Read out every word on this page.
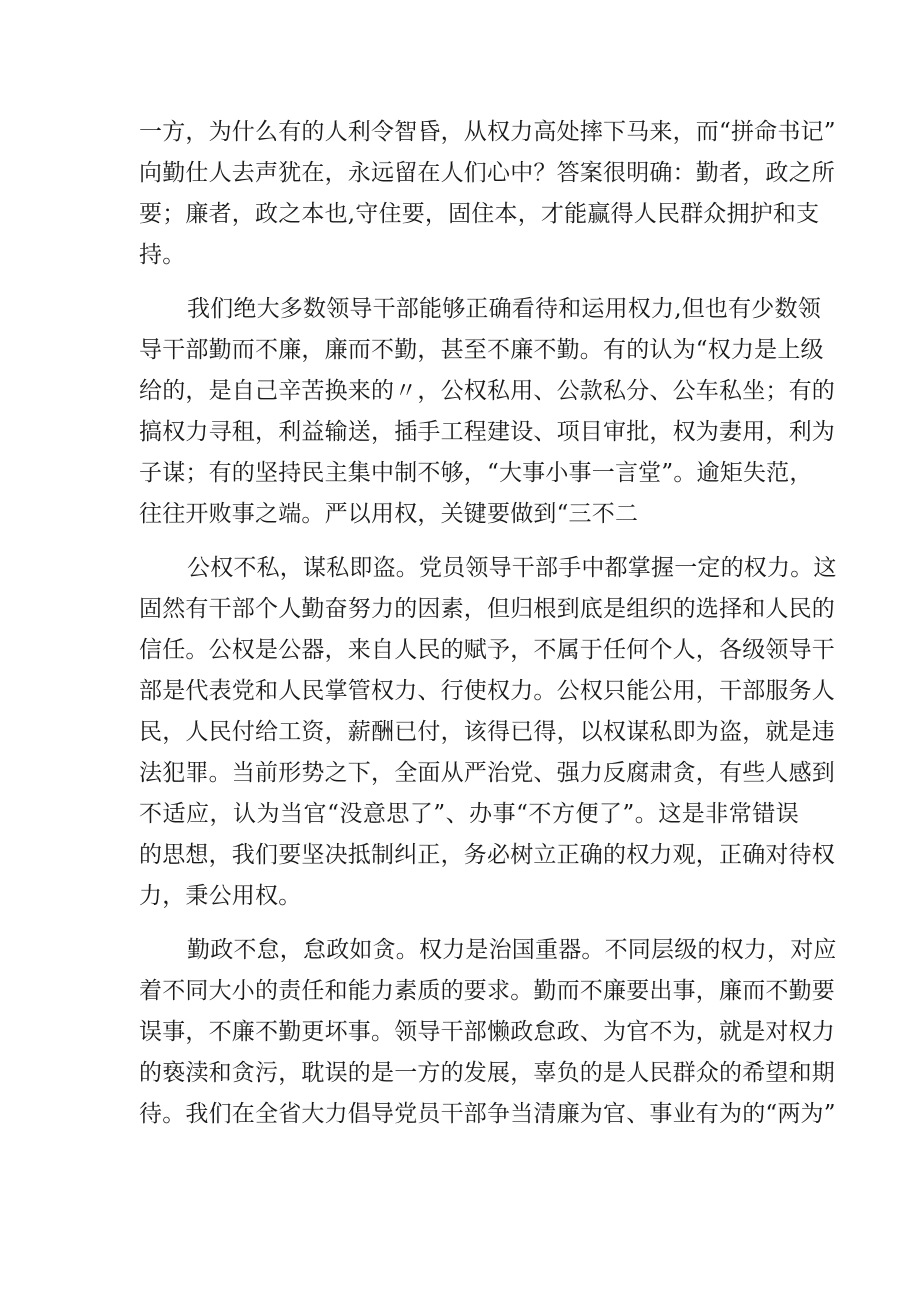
一方，为什么有的人利令智昏，从权力高处摔下马来，而“拼命书记”
向勤仕人去声犹在，永远留在人们心中？答案很明确：勤者，政之所
要；廉者，政之本也,守住要，固住本，才能赢得人民群众拥护和支
持。
我们绝大多数领导干部能够正确看待和运用权力,但也有少数领
导干部勤而不廉，廉而不勤，甚至不廉不勤。有的认为“权力是上级
给的，是自己辛苦换来的〃，公权私用、公款私分、公车私坐；有的
搞权力寻租，利益输送，插手工程建设、项目审批，权为妻用，利为
子谋；有的坚持民主集中制不够，“大事小事一言堂”。逾矩失范，
往往开败事之端。严以用权，关键要做到“三不二
公权不私，谋私即盗。党员领导干部手中都掌握一定的权力。这
固然有干部个人勤奋努力的因素，但归根到底是组织的选择和人民的
信任。公权是公器，来自人民的赋予，不属于任何个人，各级领导干
部是代表党和人民掌管权力、行使权力。公权只能公用，干部服务人
民，人民付给工资，薪酬已付，该得已得，以权谋私即为盗，就是违
法犯罪。当前形势之下，全面从严治党、强力反腐肃贪，有些人感到
不适应，认为当官“没意思了”、办事“不方便了”。这是非常错误
的思想，我们要坚决抵制纠正，务必树立正确的权力观，正确对待权
力，秉公用权。
勤政不怠，怠政如贪。权力是治国重器。不同层级的权力，对应
着不同大小的责任和能力素质的要求。勤而不廉要出事，廉而不勤要
误事，不廉不勤更坏事。领导干部懒政怠政、为官不为，就是对权力
的亵渎和贪污，耽误的是一方的发展，辜负的是人民群众的希望和期
待。我们在全省大力倡导党员干部争当清廉为官、事业有为的“两为”
